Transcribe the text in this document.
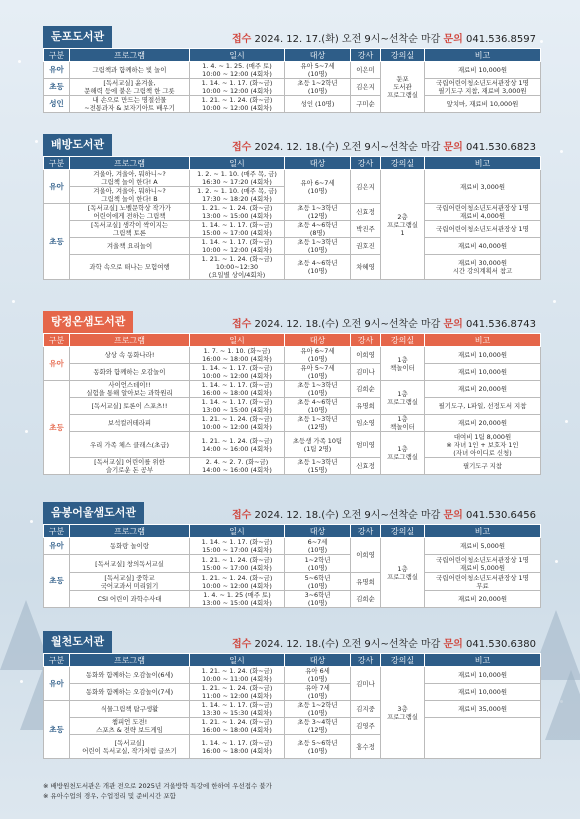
둔포도서관	접수 2024. 12. 17.(화) 오전 9시~선착순 마감 문의 041.536.8597
구분	프로그램	일시	대상	강사	강의실	비고
유아	그림책과 함께하는 빛 놀이	1. 4. ~ 1. 25. (매주 토)
10:00 ~ 12:00 (4회차)	유아 5~7세
(10명)	이은미	둔포
도서관
프로그램실	재료비 10,000원
초등	[독서교실] 윤겨울,
문해력 등에 붙은 그림책 한 그릇	1. 14. ~ 1. 17. (화~금)
10:00 ~ 12:00 (4회차)	초등 1~2학년
(10명)	김은지		국립어린이청소년도서관장상 1명
필기도구 지참, 재료비 3,000원
성인	내 손으로 만드는 명절선물
~전통과자 & 보자기아트 배우기	1. 21. ~ 1. 24. (화~금)
10:00 ~ 12:00 (4회차)	성인 (10명)	구미순		앞치마, 재료비 10,000원
배방도서관	접수 2024. 12. 18.(수) 오전 9시~선착순 마감 문의 041.530.6823
구분	프로그램	일시	대상	강사	강의실	비고
유아	겨울아, 겨울아, 뭐하니~?
그림책 놀이 한다! A	1. 2. ~ 1. 10. (매주 목, 금)
16:30 ~ 17:20 (4회차)	유아 6~7세
(10명)	김은지	2층
프로그램실
1	재료비 3,000원
	겨울아, 겨울아, 뭐하니~?
그림책 놀이 한다! B	1. 2. ~ 1. 10. (매주 목, 금)
17:30 ~ 18:20 (4회차)				
초등	[독서교실] 노벨문학상 작가가
어린이에게 전하는 그림책	1. 21. ~ 1. 24. (화~금)
13:00 ~ 15:00 (4회차)	초등 1~3학년
(12명)	신효정		국립어린이청소년도서관장상 1명
재료비 4,000원
	[독서교실] 생각이 싹이지는
그림책 토론	1. 14. ~ 1. 17. (화~금)
15:00 ~ 17:00 (4회차)	초등 4~6학년
(8명)	박진주		국립어린이청소년도서관장상 1명
	겨울책 요리놀이	1. 14. ~ 1. 17. (화~금)
10:00 ~ 12:00 (4회차)	초등 1~3학년
(10명)	권호진		재료비 40,000원
	과학 속으로 떠나는 모험여행	1. 21. ~ 1. 24. (화~금)
10:00~12:30
(요일별 상이/4회차)	초등 4~6학년
(10명)	차혜영		재료비 30,000원
시간 강의계획서 참고
탕정온샘도서관	접수 2024. 12. 18.(수) 오전 9시~선착순 마감 문의 041.536.8743
구분	프로그램	일시	대상	강사	강의실	비고
유아	상상 속 동화나라!	1. 7. ~ 1. 10. (화~금)
16:00 ~ 18:00 (4회차)	유아 6~7세
(10명)	이희영	1층
책놀이터	재료비 10,000원
	동화와 함께하는 오감놀이	1. 14. ~ 1. 17. (화~금)
10:00 ~ 12:00 (4회차)	유아 5~7세
(10명)	김미나		재료비 10,000원
초등	사이언스데이!!
실험을 통해 알아보는 과학원리	1. 14. ~ 1. 17. (화~금)
16:00 ~ 18:00 (4회차)	초등 1~3학년
(10명)	김희순	1층
프로그램실	재료비 20,000원
	[독서교실] 토론이 스포츠!!	1. 14. ~ 1. 17. (화~금)
13:00 ~ 15:00 (4회차)	초등 4~6학년
(10명)	유명희		필기도구, L파일, 선정도서 지참
	보석컬러테라피	1. 21. ~ 1. 24. (화~금)
10:00 ~ 12:00 (4회차)	초등 1~3학년
(12명)	임소영	1층
책놀이터	재료비 20,000원
	우리 가족 체스 클래스(초급)	1. 21. ~ 1. 24. (화~금)
14:00 ~ 16:00 (4회차)	초등생 가족 10팀
(1팀 2명)	엄미영	1층
프로그램실	대여비 1팀 8,000원
※ 자녀 1인 + 보호자 1인
(자녀 아이디로 신청)
	[독서교실] 어린이를 위한
슬기로운 돈 공부	2. 4. ~ 2. 7. (화~금)
14:00 ~ 16:00 (4회차)	초등 1~3학년
(15명)	신효정		필기도구 지참
음봉어울샘도서관	접수 2024. 12. 18.(수) 오전 9시~선착순 마감 문의 041.530.6456
구분	프로그램	일시	대상	강사	강의실	비고
유아	동화랑 놀이랑	1. 14. ~ 1. 17. (화~금)
15:00 ~ 17:00 (4회차)	6~7세
(10명)	이희영	1층
프로그램실	재료비 5,000원
초등	[독서교실] 창의독서교실	1. 21. ~ 1. 24. (화~금)
15:00 ~ 17:00 (4회차)	1~2학년
(10명)			국립어린이청소년도서관장상 1명
재료비 5,000원
	[독서교실] 중학교
국어교과서 미리읽기	1. 21. ~ 1. 24. (화~금)
10:00 ~ 12:00 (4회차)	5~6학년
(10명)	유명희		국립어린이청소년도서관장상 1명
무료
	CSI 어린이 과학수사대	1. 4. ~ 1. 25 (매주 토)
13:00 ~ 15:00 (4회차)	3~6학년
(10명)	김희순		재료비 20,000원
월천도서관	접수 2024. 12. 18.(수) 오전 9시~선착순 마감 문의 041.530.6380
구분	프로그램	일시	대상	강사	강의실	비고
유아	동화와 함께하는 오감놀이(6세)	1. 21. ~ 1. 24. (화~금)
10:00 ~ 11:00 (4회차)	유아 6세
(10명)	김미나	3층
프로그램실	재료비 10,000원
	동화와 함께하는 오감놀이(7세)	1. 21. ~ 1. 24. (화~금)
11:00 ~ 12:00 (4회차)	유아 7세
(10명)			재료비 10,000원
초등	식물그림책 탐구생활	1. 14. ~ 1. 17. (화~금)
13:30 ~ 15:30 (4회차)	초등 1~2학년
(10명)	김지중		재료비 35,000원
	챔피언 도전!
스포츠 & 전략 보드게임	1. 21. ~ 1. 24. (화~금)
16:00 ~ 18:00 (4회차)	초등 3~4학년
(12명)	김영주		
	[독서교실]
어린이 독서교실, 작가처럼 글쓰기	1. 14. ~ 1. 17. (화~금)
16:00 ~ 18:00 (4회차)	초등 5~6학년
(10명)	홍수정		
※ 배방원천도서관은 개관 전으로 2025년 겨울방학 특강에 한하여 우선접수 불가
※ 유아수업의 경우, 수업정리 및 준비시간 포함
